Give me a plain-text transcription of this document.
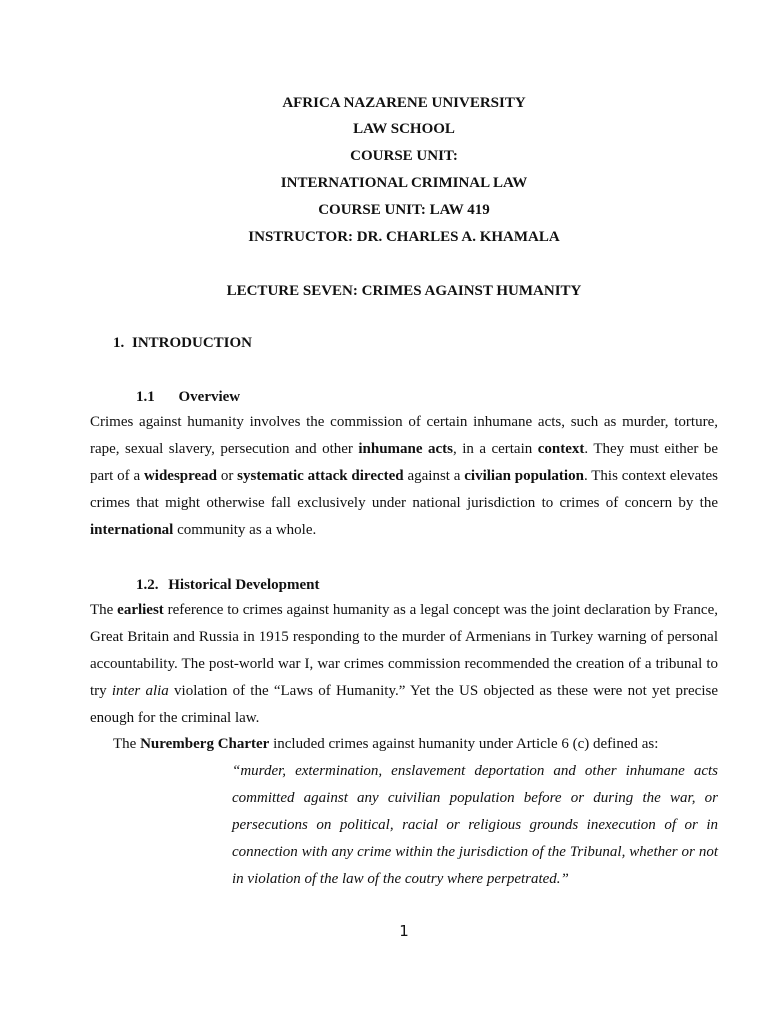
AFRICA NAZARENE UNIVERSITY
LAW SCHOOL
COURSE UNIT:
INTERNATIONAL CRIMINAL LAW
COURSE UNIT: LAW 419
INSTRUCTOR: DR. CHARLES A. KHAMALA
LECTURE SEVEN: CRIMES AGAINST HUMANITY
1. INTRODUCTION
1.1 Overview

Crimes against humanity involves the commission of certain inhumane acts, such as murder, torture, rape, sexual slavery, persecution and other inhumane acts, in a certain context. They must either be part of a widespread or systematic attack directed against a civilian population. This context elevates crimes that might otherwise fall exclusively under national jurisdiction to crimes of concern by the international community as a whole.

1.2. Historical Development

The earliest reference to crimes against humanity as a legal concept was the joint declaration by France, Great Britain and Russia in 1915 responding to the murder of Armenians in Turkey warning of personal accountability. The post-world war I, war crimes commission recommended the creation of a tribunal to try inter alia violation of the “Laws of Humanity.” Yet the US objected as these were not yet precise enough for the criminal law.

The Nuremberg Charter included crimes against humanity under Article 6 (c) defined as:

“murder, extermination, enslavement deportation and other inhumane acts committed against any cuivilian population before or during the war, or persecutions on political, racial or religious grounds inexecution of or in connection with any crime within the jurisdiction of the Tribunal, whether or not in violation of the law of the coutry where perpetrated.”

1
